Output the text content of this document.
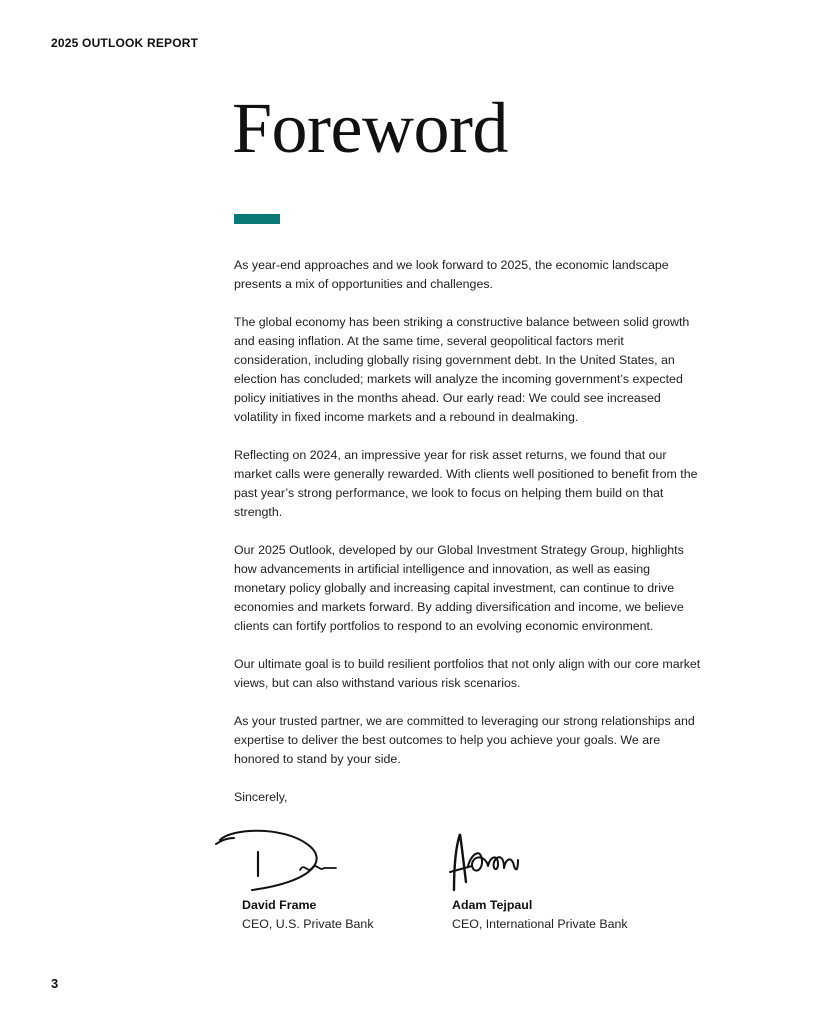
2025 OUTLOOK REPORT
Foreword

As year-end approaches and we look forward to 2025, the economic landscape presents a mix of opportunities and challenges.

The global economy has been striking a constructive balance between solid growth and easing inflation. At the same time, several geopolitical factors merit consideration, including globally rising government debt. In the United States, an election has concluded; markets will analyze the incoming government’s expected policy initiatives in the months ahead. Our early read: We could see increased volatility in fixed income markets and a rebound in dealmaking.

Reflecting on 2024, an impressive year for risk asset returns, we found that our market calls were generally rewarded. With clients well positioned to benefit from the past year’s strong performance, we look to focus on helping them build on that strength.

Our 2025 Outlook, developed by our Global Investment Strategy Group, highlights how advancements in artificial intelligence and innovation, as well as easing monetary policy globally and increasing capital investment, can continue to drive economies and markets forward. By adding diversification and income, we believe clients can fortify portfolios to respond to an evolving economic environment.

Our ultimate goal is to build resilient portfolios that not only align with our core market views, but can also withstand various risk scenarios.

As your trusted partner, we are committed to leveraging our strong relationships and expertise to deliver the best outcomes to help you achieve your goals. We are honored to stand by your side.

Sincerely,

David Frame
CEO, U.S. Private Bank
Adam Tejpaul
CEO, International Private Bank
3
